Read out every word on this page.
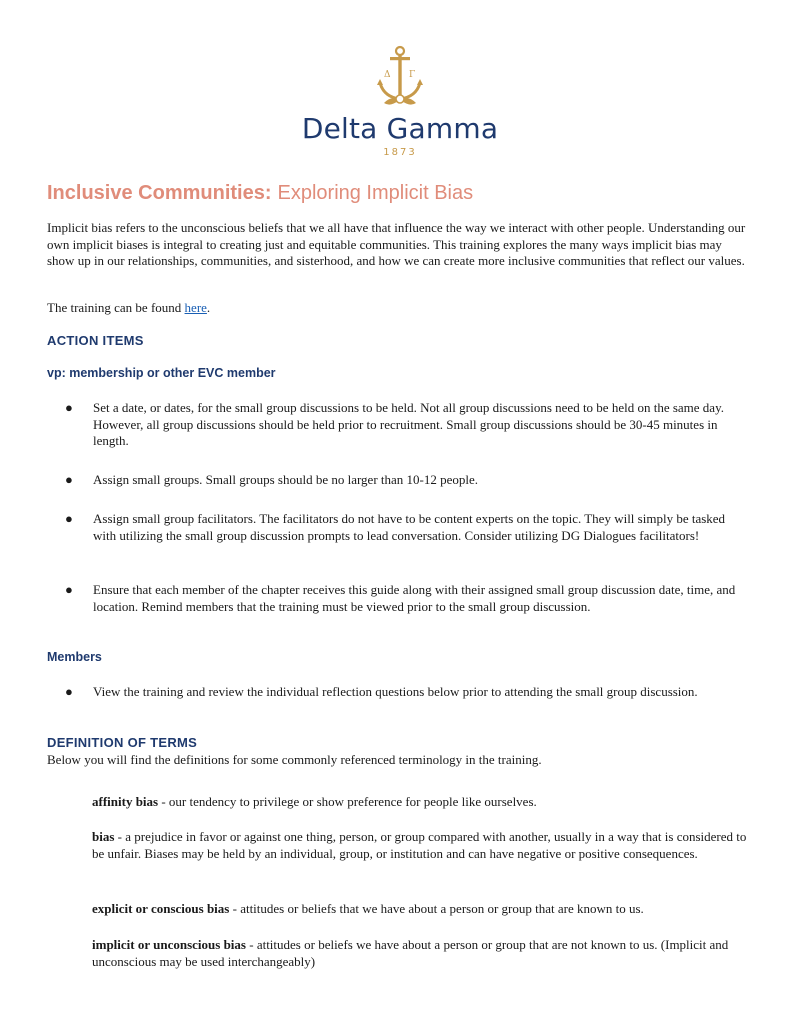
Δ Γ
Delta Gamma
1873
Inclusive Communities: Exploring Implicit Bias
Implicit bias refers to the unconscious beliefs that we all have that influence the way we interact with other people. Understanding our own implicit biases is integral to creating just and equitable communities. This training explores the many ways implicit bias may show up in our relationships, communities, and sisterhood, and how we can create more inclusive communities that reflect our values.
The training can be found here.
ACTION ITEMS
vp: membership or other EVC member
● Set a date, or dates, for the small group discussions to be held. Not all group discussions need to be held on the same day. However, all group discussions should be held prior to recruitment. Small group discussions should be 30-45 minutes in length.
● Assign small groups. Small groups should be no larger than 10-12 people.
● Assign small group facilitators. The facilitators do not have to be content experts on the topic. They will simply be tasked with utilizing the small group discussion prompts to lead conversation. Consider utilizing DG Dialogues facilitators!
● Ensure that each member of the chapter receives this guide along with their assigned small group discussion date, time, and location. Remind members that the training must be viewed prior to the small group discussion.
Members
● View the training and review the individual reflection questions below prior to attending the small group discussion.
DEFINITION OF TERMS
Below you will find the definitions for some commonly referenced terminology in the training.
affinity bias - our tendency to privilege or show preference for people like ourselves.
bias - a prejudice in favor or against one thing, person, or group compared with another, usually in a way that is considered to be unfair. Biases may be held by an individual, group, or institution and can have negative or positive consequences.
explicit or conscious bias - attitudes or beliefs that we have about a person or group that are known to us.
implicit or unconscious bias - attitudes or beliefs we have about a person or group that are not known to us. (Implicit and unconscious may be used interchangeably)
